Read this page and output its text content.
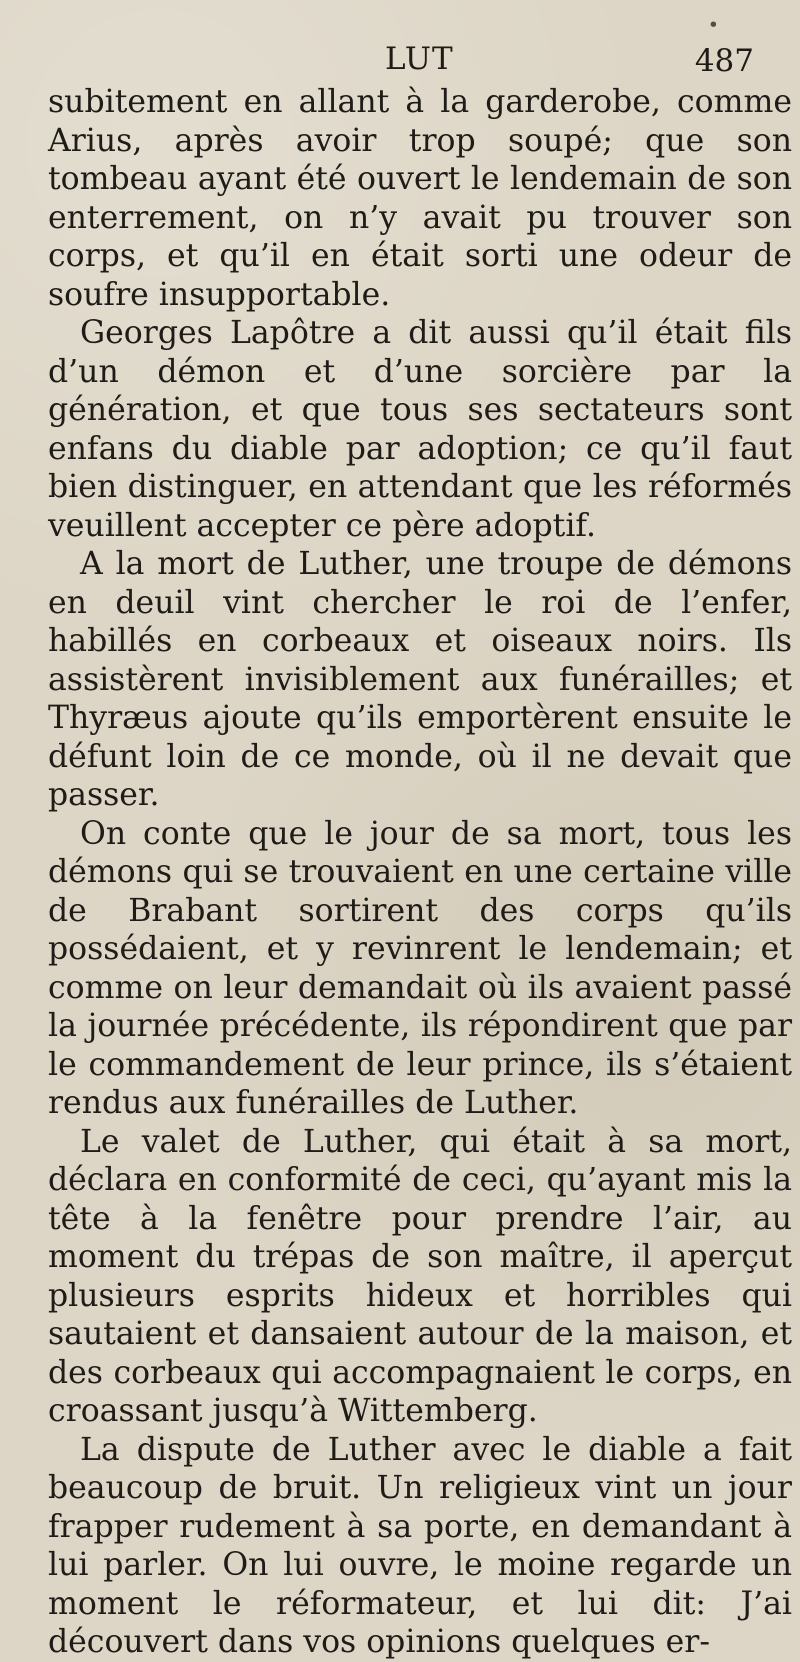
•
LUT	487

subitement en allant à la garderobe, comme Arius, après avoir trop soupé; que son tombeau ayant été ouvert le lendemain de son enterrement, on n’y avait pu trouver son corps, et qu’il en était sorti une odeur de soufre insupportable.

Georges Lapôtre a dit aussi qu’il était fils d’un démon et d’une sorcière par la génération, et que tous ses sectateurs sont enfans du diable par adoption; ce qu’il faut bien distinguer, en attendant que les réformés veuillent accepter ce père adoptif.

A la mort de Luther, une troupe de démons en deuil vint chercher le roi de l’enfer, habillés en corbeaux et oiseaux noirs. Ils assistèrent invisiblement aux funérailles; et Thyræus ajoute qu’ils emportèrent ensuite le défunt loin de ce monde, où il ne devait que passer.

On conte que le jour de sa mort, tous les démons qui se trouvaient en une certaine ville de Brabant sortirent des corps qu’ils possédaient, et y revinrent le lendemain; et comme on leur demandait où ils avaient passé la journée précédente, ils répondirent que par le commandement de leur prince, ils s’étaient rendus aux funérailles de Luther.

Le valet de Luther, qui était à sa mort, déclara en conformité de ceci, qu’ayant mis la tête à la fenêtre pour prendre l’air, au moment du trépas de son maître, il aperçut plusieurs esprits hideux et horribles qui sautaient et dansaient autour de la maison, et des corbeaux qui accompagnaient le corps, en croassant jusqu’à Wittemberg.

La dispute de Luther avec le diable a fait beaucoup de bruit. Un religieux vint un jour frapper rudement à sa porte, en demandant à lui parler. On lui ouvre, le moine regarde un moment le réformateur, et lui dit: J’ai découvert dans vos opinions quelques er-
